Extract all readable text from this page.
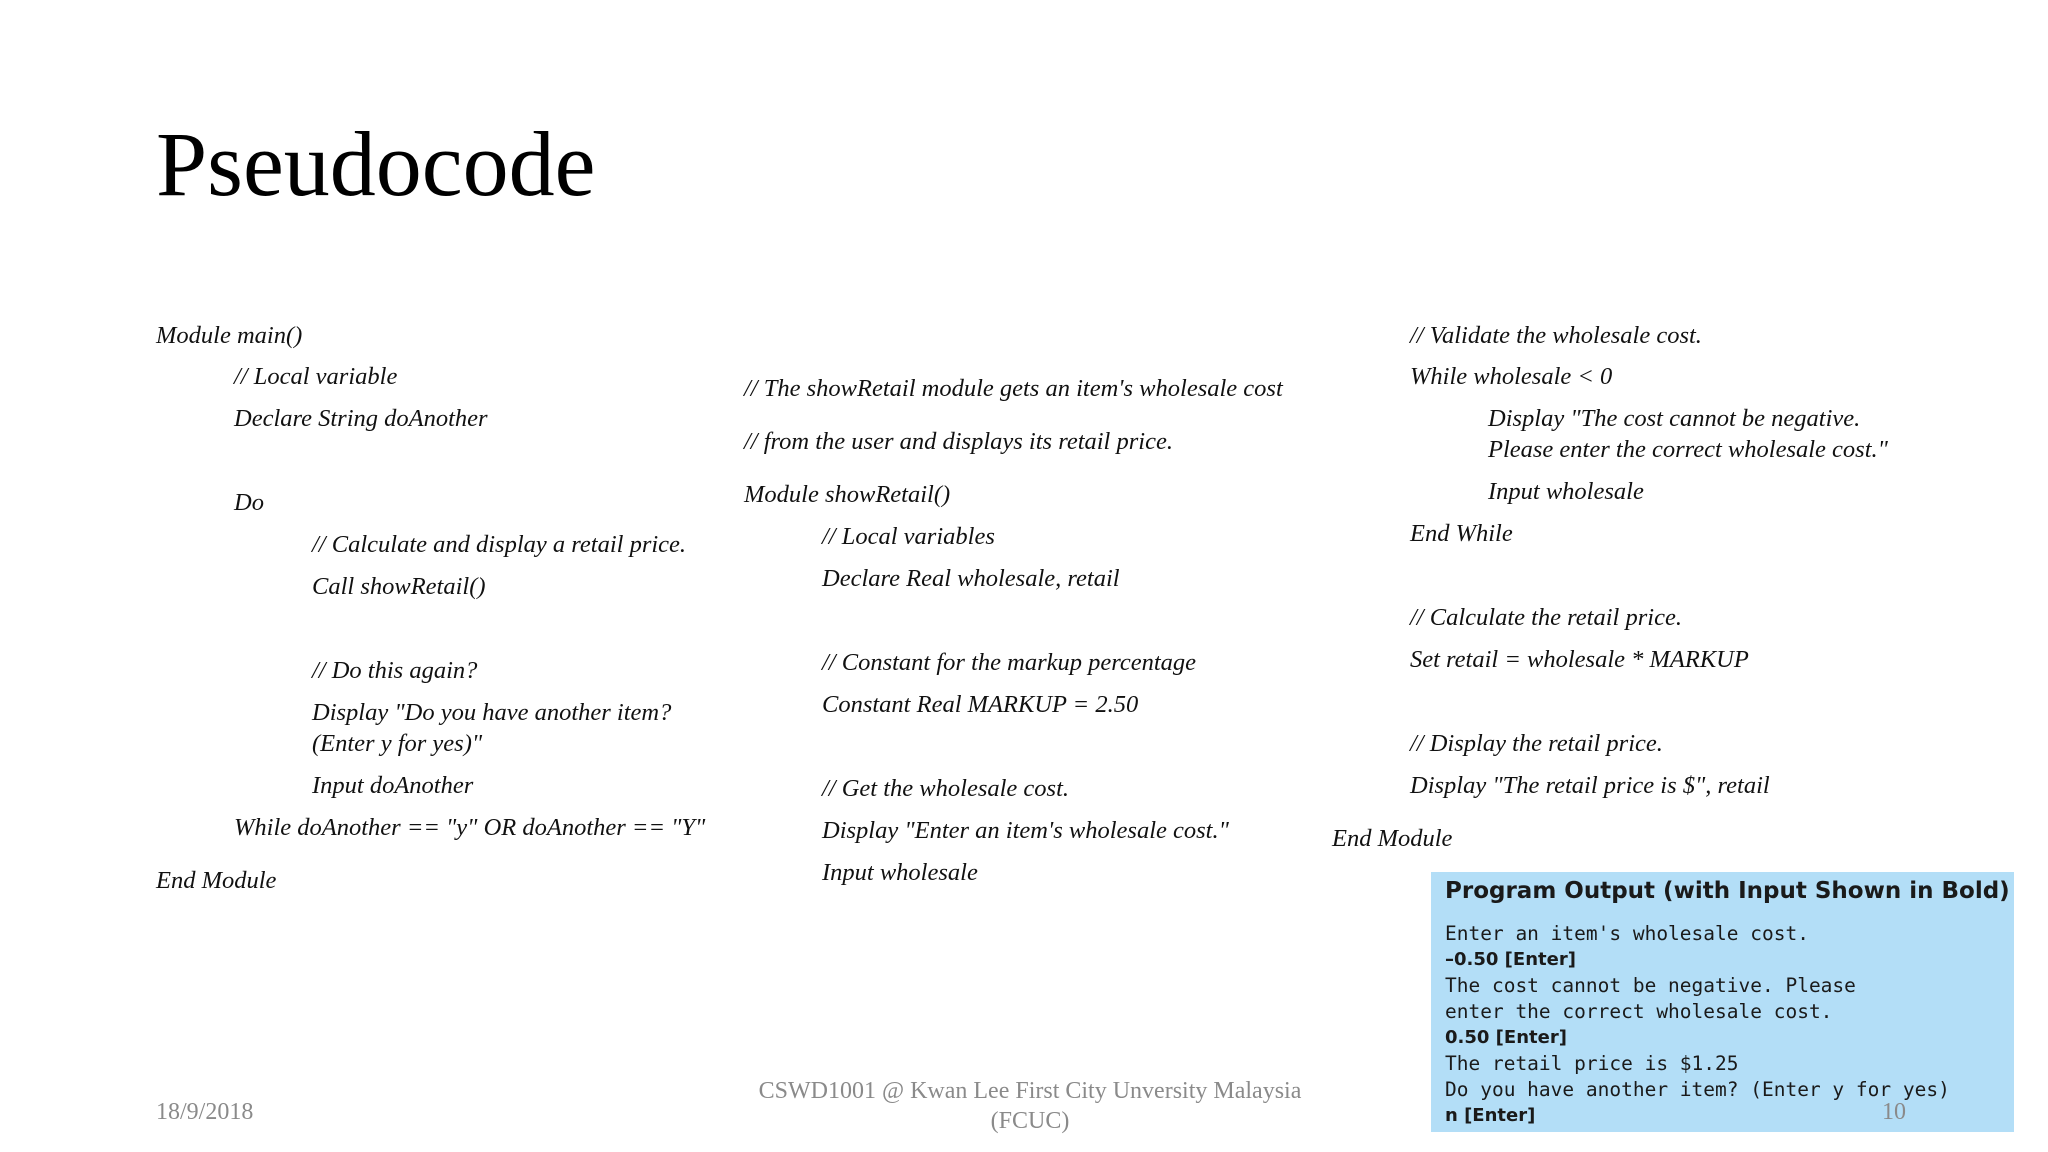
Pseudocode
Module main()
// Local variable
Declare String doAnother
Do
// Calculate and display a retail price.
Call showRetail()
// Do this again?
Display "Do you have another item?
(Enter y for yes)"
Input doAnother
While doAnother == "y" OR doAnother == "Y"
End Module
// The showRetail module gets an item's wholesale cost
// from the user and displays its retail price.
Module showRetail()
// Local variables
Declare Real wholesale, retail
// Constant for the markup percentage
Constant Real MARKUP = 2.50
// Get the wholesale cost.
Display "Enter an item's wholesale cost."
Input wholesale
// Validate the wholesale cost.
While wholesale < 0
Display "The cost cannot be negative.
Please enter the correct wholesale cost."
Input wholesale
End While
// Calculate the retail price.
Set retail = wholesale * MARKUP
// Display the retail price.
Display "The retail price is $", retail
End Module
Program Output (with Input Shown in Bold)
Enter an item's wholesale cost.
–0.50 [Enter]
The cost cannot be negative. Please
enter the correct wholesale cost.
0.50 [Enter]
The retail price is $1.25
Do you have another item? (Enter y for yes)
n [Enter]
18/9/2018
CSWD1001 @ Kwan Lee First City Unversity Malaysia
(FCUC)	10
